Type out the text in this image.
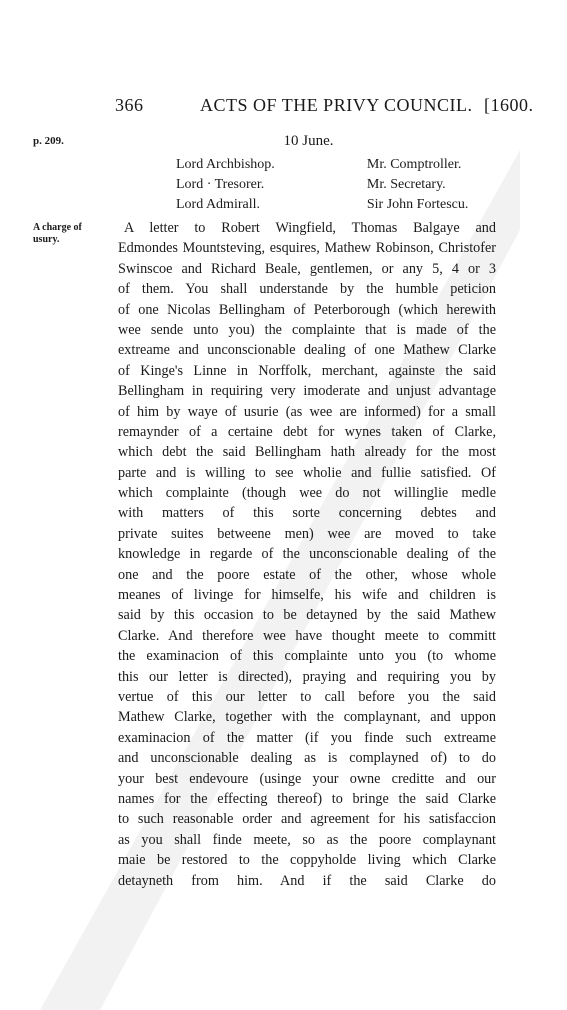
366	ACTS OF THE PRIVY COUNCIL. [1600.
p. 209.	10 June.
Lord Archbishop.	Mr. Comptroller.
Lord · Tresorer.	Mr. Secretary.
Lord Admirall.	Sir John Fortescu.
A charge of usury.
A letter to Robert Wingfield, Thomas Balgaye and
Edmondes Mountsteving, esquires, Mathew Robinson, Christofer
Swinscoe and Richard Beale, gentlemen, or any 5, 4 or 3
of them. You shall understande by the humble peticion
of one Nicolas Bellingham of Peterborough (which herewith
wee sende unto you) the complainte that is made of the
extreame and unconscionable dealing of one Mathew Clarke
of Kinge's Linne in Norffolk, merchant, againste the said
Bellingham in requiring very imoderate and unjust advantage
of him by waye of usurie (as wee are informed) for a small
remaynder of a certaine debt for wynes taken of Clarke,
which debt the said Bellingham hath already for the most
parte and is willing to see wholie and fullie satisfied. Of
which complainte (though wee do not willinglie medle
with matters of this sorte concerning debtes and
private suites betweene men) wee are moved to take
knowledge in regarde of the unconscionable dealing of the
one and the poore estate of the other, whose whole
meanes of livinge for himselfe, his wife and children is
said by this occasion to be detayned by the said Mathew
Clarke. And therefore wee have thought meete to committ
the examinacion of this complainte unto you (to whome
this our letter is directed), praying and requiring you by
vertue of this our letter to call before you the said
Mathew Clarke, together with the complaynant, and uppon
examinacion of the matter (if you finde such extreame
and unconscionable dealing as is complayned of) to do
your best endevoure (usinge your owne creditte and our
names for the effecting thereof) to bringe the said Clarke
to such reasonable order and agreement for his satisfaccion
as you shall finde meete, so as the poore complaynant
maie be restored to the coppyholde living which Clarke
detayneth from him. And if the said Clarke do
